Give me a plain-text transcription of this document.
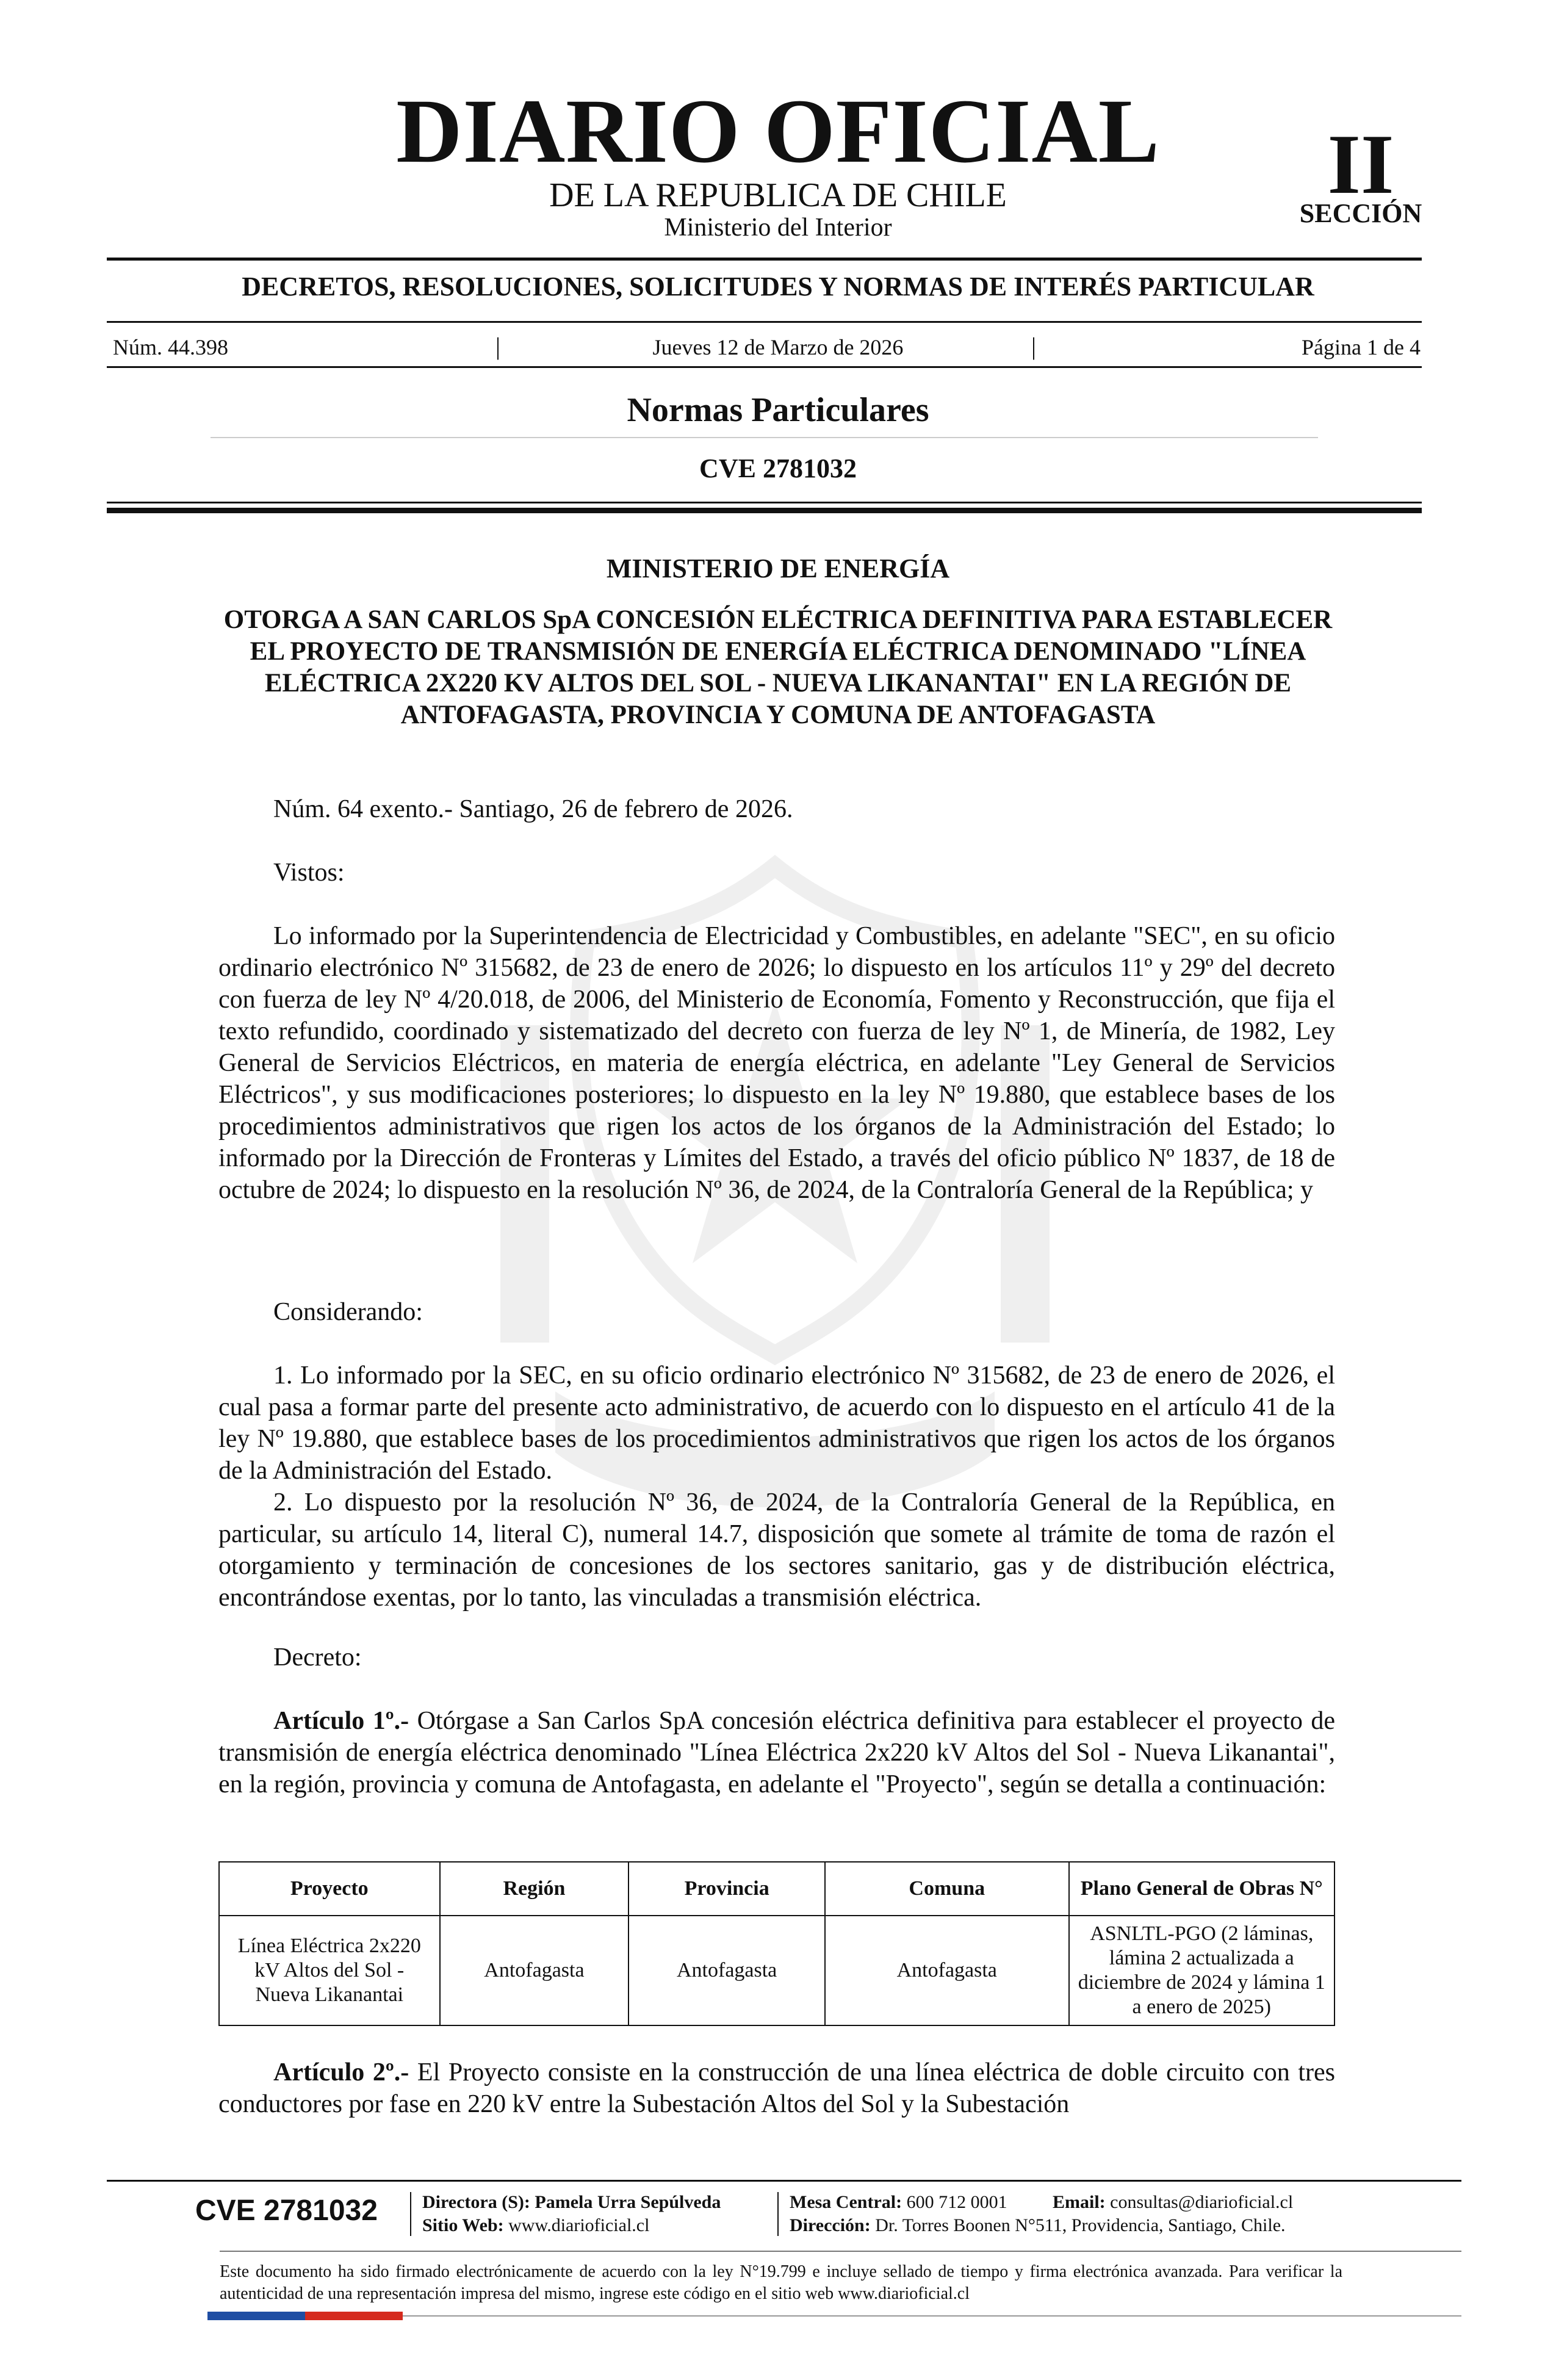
DIARIO OFICIAL
DE LA REPUBLICA DE CHILE
Ministerio del Interior
II
SECCIÓN
DECRETOS, RESOLUCIONES, SOLICITUDES Y NORMAS DE INTERÉS PARTICULAR
Núm. 44.398	|	Jueves 12 de Marzo de 2026	|	Página 1 de 4
Normas Particulares
CVE 2781032
MINISTERIO DE ENERGÍA
OTORGA A SAN CARLOS SpA CONCESIÓN ELÉCTRICA DEFINITIVA PARA ESTABLECER EL PROYECTO DE TRANSMISIÓN DE ENERGÍA ELÉCTRICA DENOMINADO "LÍNEA ELÉCTRICA 2X220 KV ALTOS DEL SOL - NUEVA LIKANANTAI" EN LA REGIÓN DE ANTOFAGASTA, PROVINCIA Y COMUNA DE ANTOFAGASTA
Núm. 64 exento.- Santiago, 26 de febrero de 2026.
Vistos:
Lo informado por la Superintendencia de Electricidad y Combustibles, en adelante "SEC", en su oficio ordinario electrónico Nº 315682, de 23 de enero de 2026; lo dispuesto en los artículos 11º y 29º del decreto con fuerza de ley Nº 4/20.018, de 2006, del Ministerio de Economía, Fomento y Reconstrucción, que fija el texto refundido, coordinado y sistematizado del decreto con fuerza de ley Nº 1, de Minería, de 1982, Ley General de Servicios Eléctricos, en materia de energía eléctrica, en adelante "Ley General de Servicios Eléctricos", y sus modificaciones posteriores; lo dispuesto en la ley Nº 19.880, que establece bases de los procedimientos administrativos que rigen los actos de los órganos de la Administración del Estado; lo informado por la Dirección de Fronteras y Límites del Estado, a través del oficio público Nº 1837, de 18 de octubre de 2024; lo dispuesto en la resolución Nº 36, de 2024, de la Contraloría General de la República; y
Considerando:
1. Lo informado por la SEC, en su oficio ordinario electrónico Nº 315682, de 23 de enero de 2026, el cual pasa a formar parte del presente acto administrativo, de acuerdo con lo dispuesto en el artículo 41 de la ley Nº 19.880, que establece bases de los procedimientos administrativos que rigen los actos de los órganos de la Administración del Estado.
2. Lo dispuesto por la resolución Nº 36, de 2024, de la Contraloría General de la República, en particular, su artículo 14, literal C), numeral 14.7, disposición que somete al trámite de toma de razón el otorgamiento y terminación de concesiones de los sectores sanitario, gas y de distribución eléctrica, encontrándose exentas, por lo tanto, las vinculadas a transmisión eléctrica.
Decreto:
Artículo 1º.- Otórgase a San Carlos SpA concesión eléctrica definitiva para establecer el proyecto de transmisión de energía eléctrica denominado "Línea Eléctrica 2x220 kV Altos del Sol - Nueva Likanantai", en la región, provincia y comuna de Antofagasta, en adelante el "Proyecto", según se detalla a continuación:
Proyecto	Región	Provincia	Comuna	Plano General de Obras N°
Línea Eléctrica 2x220 kV Altos del Sol - Nueva Likanantai	Antofagasta	Antofagasta	Antofagasta	ASNLTL-PGO (2 láminas, lámina 2 actualizada a diciembre de 2024 y lámina 1 a enero de 2025)
Artículo 2º.- El Proyecto consiste en la construcción de una línea eléctrica de doble circuito con tres conductores por fase en 220 kV entre la Subestación Altos del Sol y la Subestación
CVE 2781032 Directora (S): Pamela Urra Sepúlveda
Sitio Web: www.diarioficial.cl
Mesa Central: 600 712 0001 Email: consultas@diarioficial.cl
Dirección: Dr. Torres Boonen N°511, Providencia, Santiago, Chile.
Este documento ha sido firmado electrónicamente de acuerdo con la ley N°19.799 e incluye sellado de tiempo y firma electrónica avanzada. Para verificar la autenticidad de una representación impresa del mismo, ingrese este código en el sitio web www.diarioficial.cl
